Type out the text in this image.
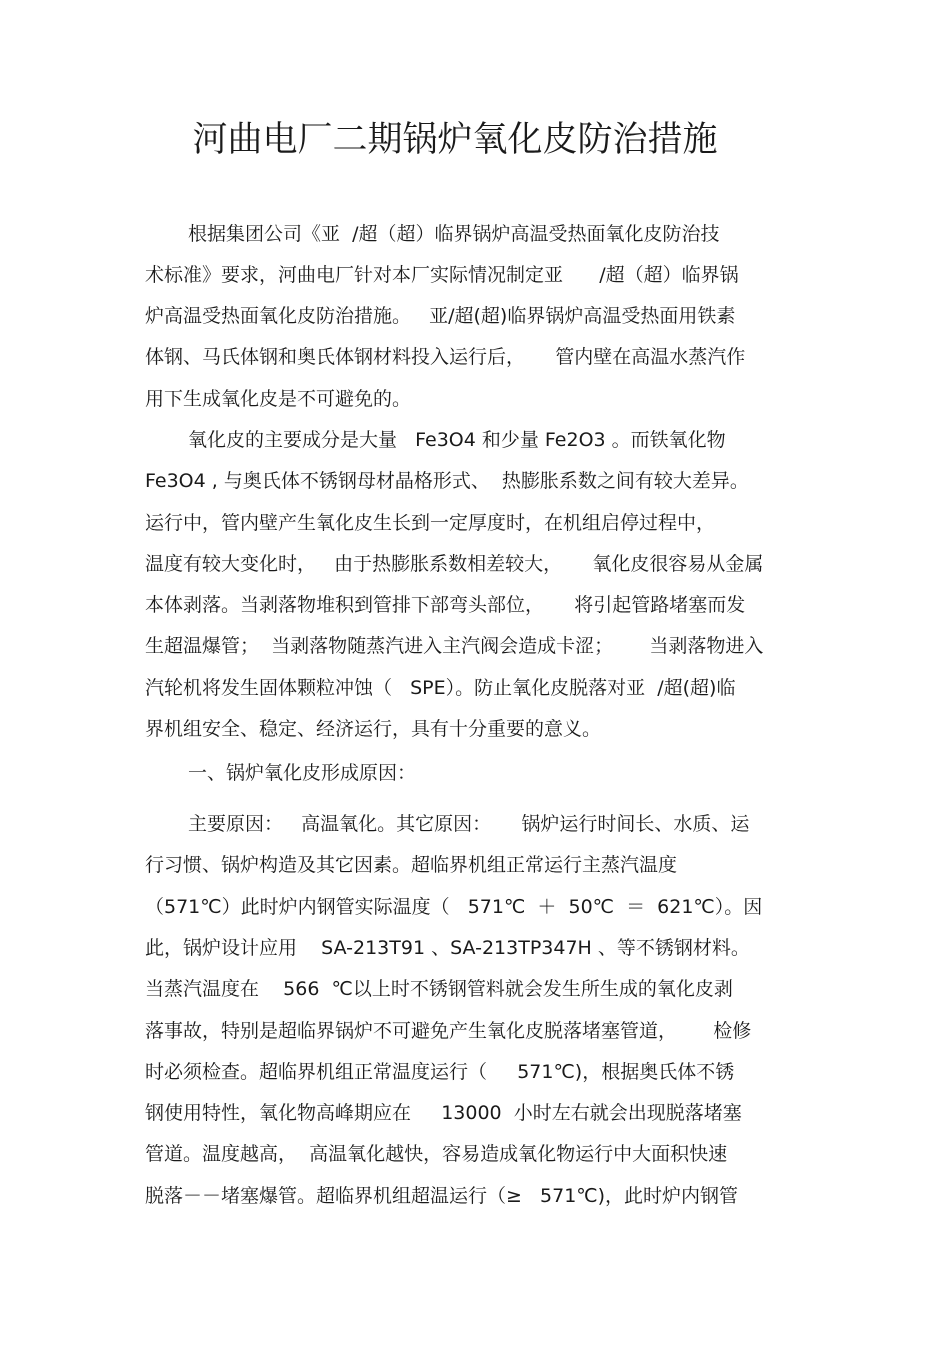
河曲电厂二期锅炉氧化皮防治措施

根据集团公司《亚  /超（超）临界锅炉高温受热面氧化皮防治技

术标准》要求，河曲电厂针对本厂实际情况制定亚      /超（超）临界锅

炉高温受热面氧化皮防治措施。   亚/超(超)临界锅炉高温受热面用铁素

体钢、马氏体钢和奥氏体钢材料投入运行后，     管内壁在高温水蒸汽作

用下生成氧化皮是不可避免的。

氧化皮的主要成分是大量   Fe3O4 和少量 Fe2O3 。而铁氧化物

Fe3O4 , 与奥氏体不锈钢母材晶格形式、  热膨胀系数之间有较大差异。

运行中，管内壁产生氧化皮生长到一定厚度时，在机组启停过程中，

温度有较大变化时，   由于热膨胀系数相差较大，     氧化皮很容易从金属

本体剥落。当剥落物堆积到管排下部弯头部位，     将引起管路堵塞而发

生超温爆管；  当剥落物随蒸汽进入主汽阀会造成卡涩；      当剥落物进入

汽轮机将发生固体颗粒冲蚀（   SPE）。防止氧化皮脱落对亚  /超(超)临

界机组安全、稳定、经济运行，具有十分重要的意义。

一、锅炉氧化皮形成原因：

主要原因：   高温氧化。其它原因：     锅炉运行时间长、水质、运

行习惯、锅炉构造及其它因素。超临界机组正常运行主蒸汽温度

（571℃）此时炉内钢管实际温度（   571℃  ＋  50℃  ＝  621℃）。因

此，锅炉设计应用    SA-213T91 、SA-213TP347H 、等不锈钢材料。

当蒸汽温度在    566  ℃以上时不锈钢管料就会发生所生成的氧化皮剥

落事故，特别是超临界锅炉不可避免产生氧化皮脱落堵塞管道，      检修

时必须检查。超临界机组正常温度运行（     571℃)，根据奥氏体不锈

钢使用特性，氧化物高峰期应在     13000  小时左右就会出现脱落堵塞

管道。温度越高，  高温氧化越快，容易造成氧化物运行中大面积快速

脱落－－堵塞爆管。超临界机组超温运行（≥   571℃)，此时炉内钢管
